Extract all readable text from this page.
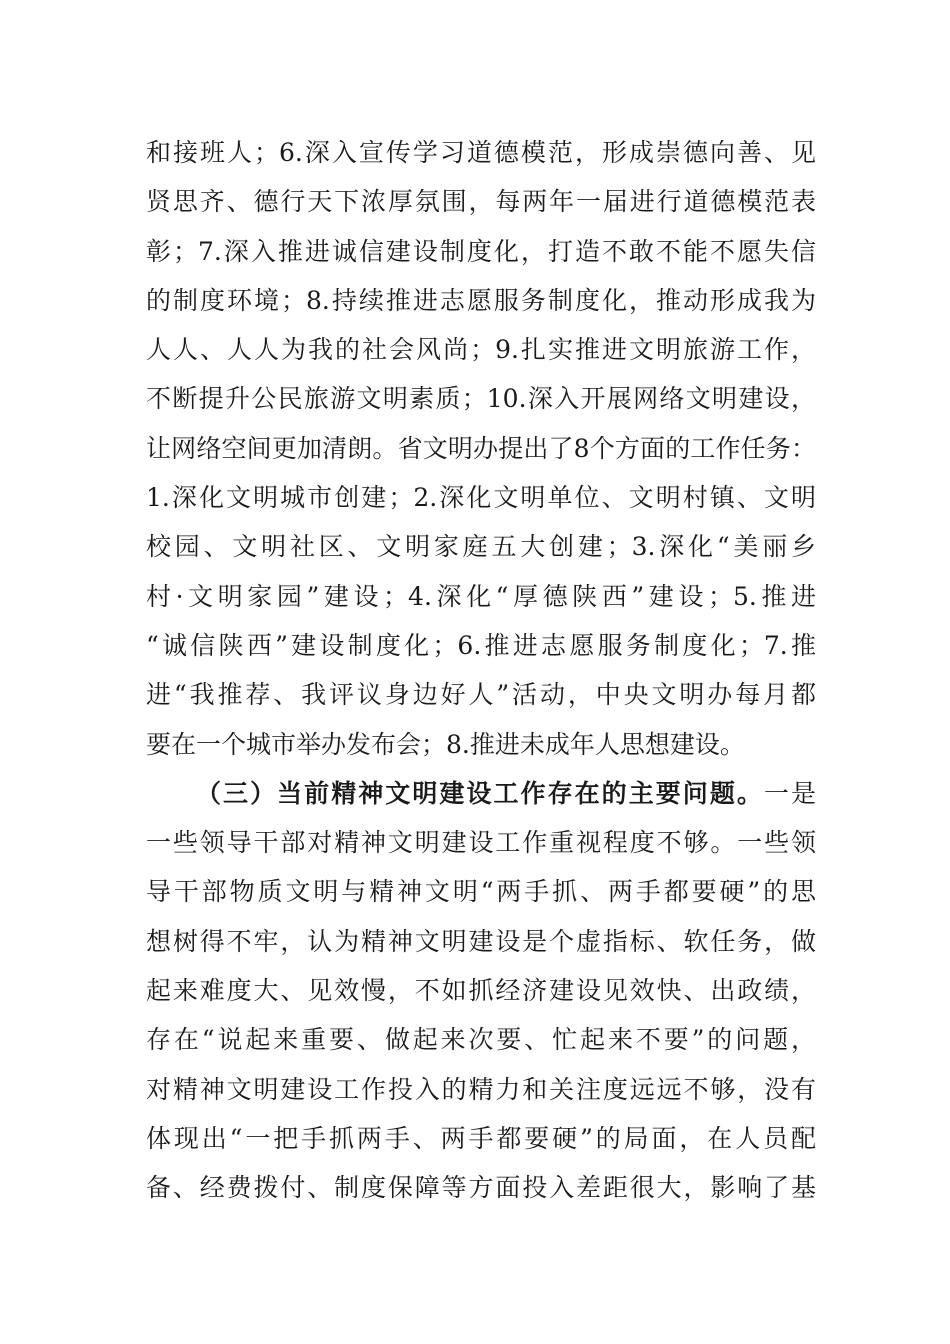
和接班人；6.深入宣传学习道德模范，形成崇德向善、见
贤思齐、德行天下浓厚氛围，每两年一届进行道德模范表
彰；7.深入推进诚信建设制度化，打造不敢不能不愿失信
的制度环境；8.持续推进志愿服务制度化，推动形成我为
人人、人人为我的社会风尚；9.扎实推进文明旅游工作，
不断提升公民旅游文明素质；10.深入开展网络文明建设，
让网络空间更加清朗。省文明办提出了8个方面的工作任务：
1.深化文明城市创建；2.深化文明单位、文明村镇、文明
校园、文明社区、文明家庭五大创建；3.深化“美丽乡
村·文明家园”建设；4.深化“厚德陕西”建设；5.推进
“诚信陕西”建设制度化；6.推进志愿服务制度化；7.推
进“我推荐、我评议身边好人”活动，中央文明办每月都
要在一个城市举办发布会；8.推进未成年人思想建设。
（三）当前精神文明建设工作存在的主要问题。一是
一些领导干部对精神文明建设工作重视程度不够。一些领
导干部物质文明与精神文明“两手抓、两手都要硬”的思
想树得不牢，认为精神文明建设是个虚指标、软任务，做
起来难度大、见效慢，不如抓经济建设见效快、出政绩，
存在“说起来重要、做起来次要、忙起来不要”的问题，
对精神文明建设工作投入的精力和关注度远远不够，没有
体现出“一把手抓两手、两手都要硬”的局面，在人员配
备、经费拨付、制度保障等方面投入差距很大，影响了基
